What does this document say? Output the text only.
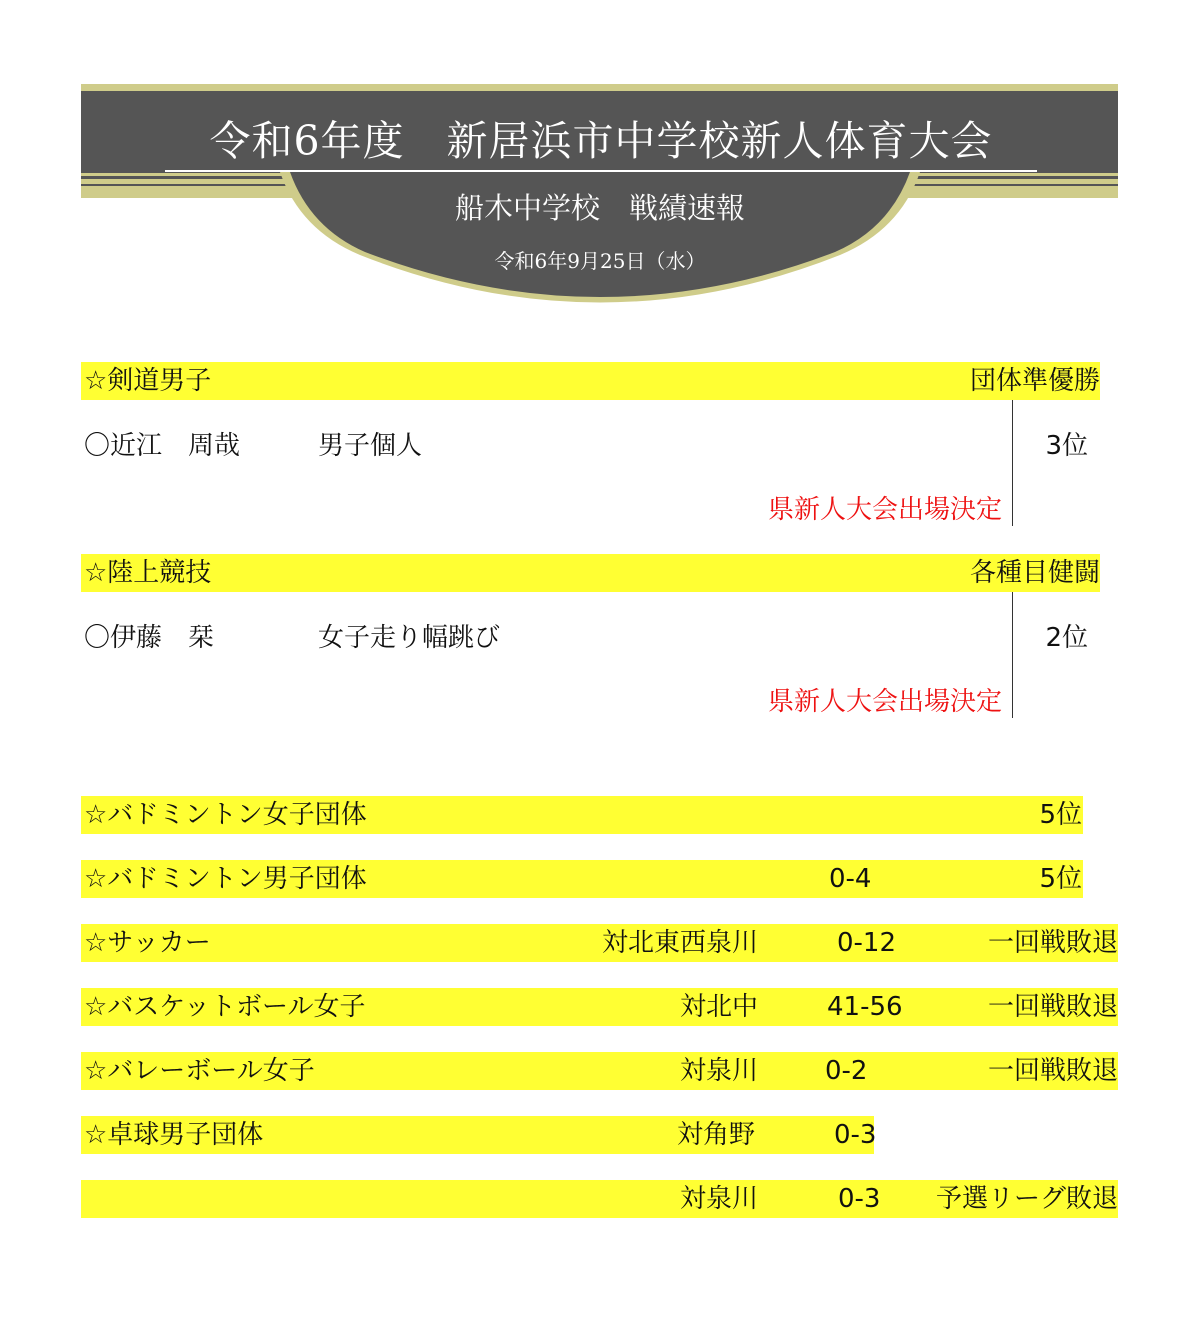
令和6年度　新居浜市中学校新人体育大会
船木中学校　戦績速報
令和6年9月25日（水）
☆剣道男子	団体準優勝
〇近江　周哉	男子個人	3位
県新人大会出場決定
☆陸上競技	各種目健闘
〇伊藤　栞	女子走り幅跳び	2位
県新人大会出場決定
☆バドミントン女子団体	5位
☆バドミントン男子団体	0-4	5位
☆サッカー	対北東西泉川	0-12	一回戦敗退
☆バスケットボール女子	対北中	41-56	一回戦敗退
☆バレーボール女子	対泉川	0-2	一回戦敗退
☆卓球男子団体	対角野	0-3
対泉川	0-3	予選リーグ敗退
